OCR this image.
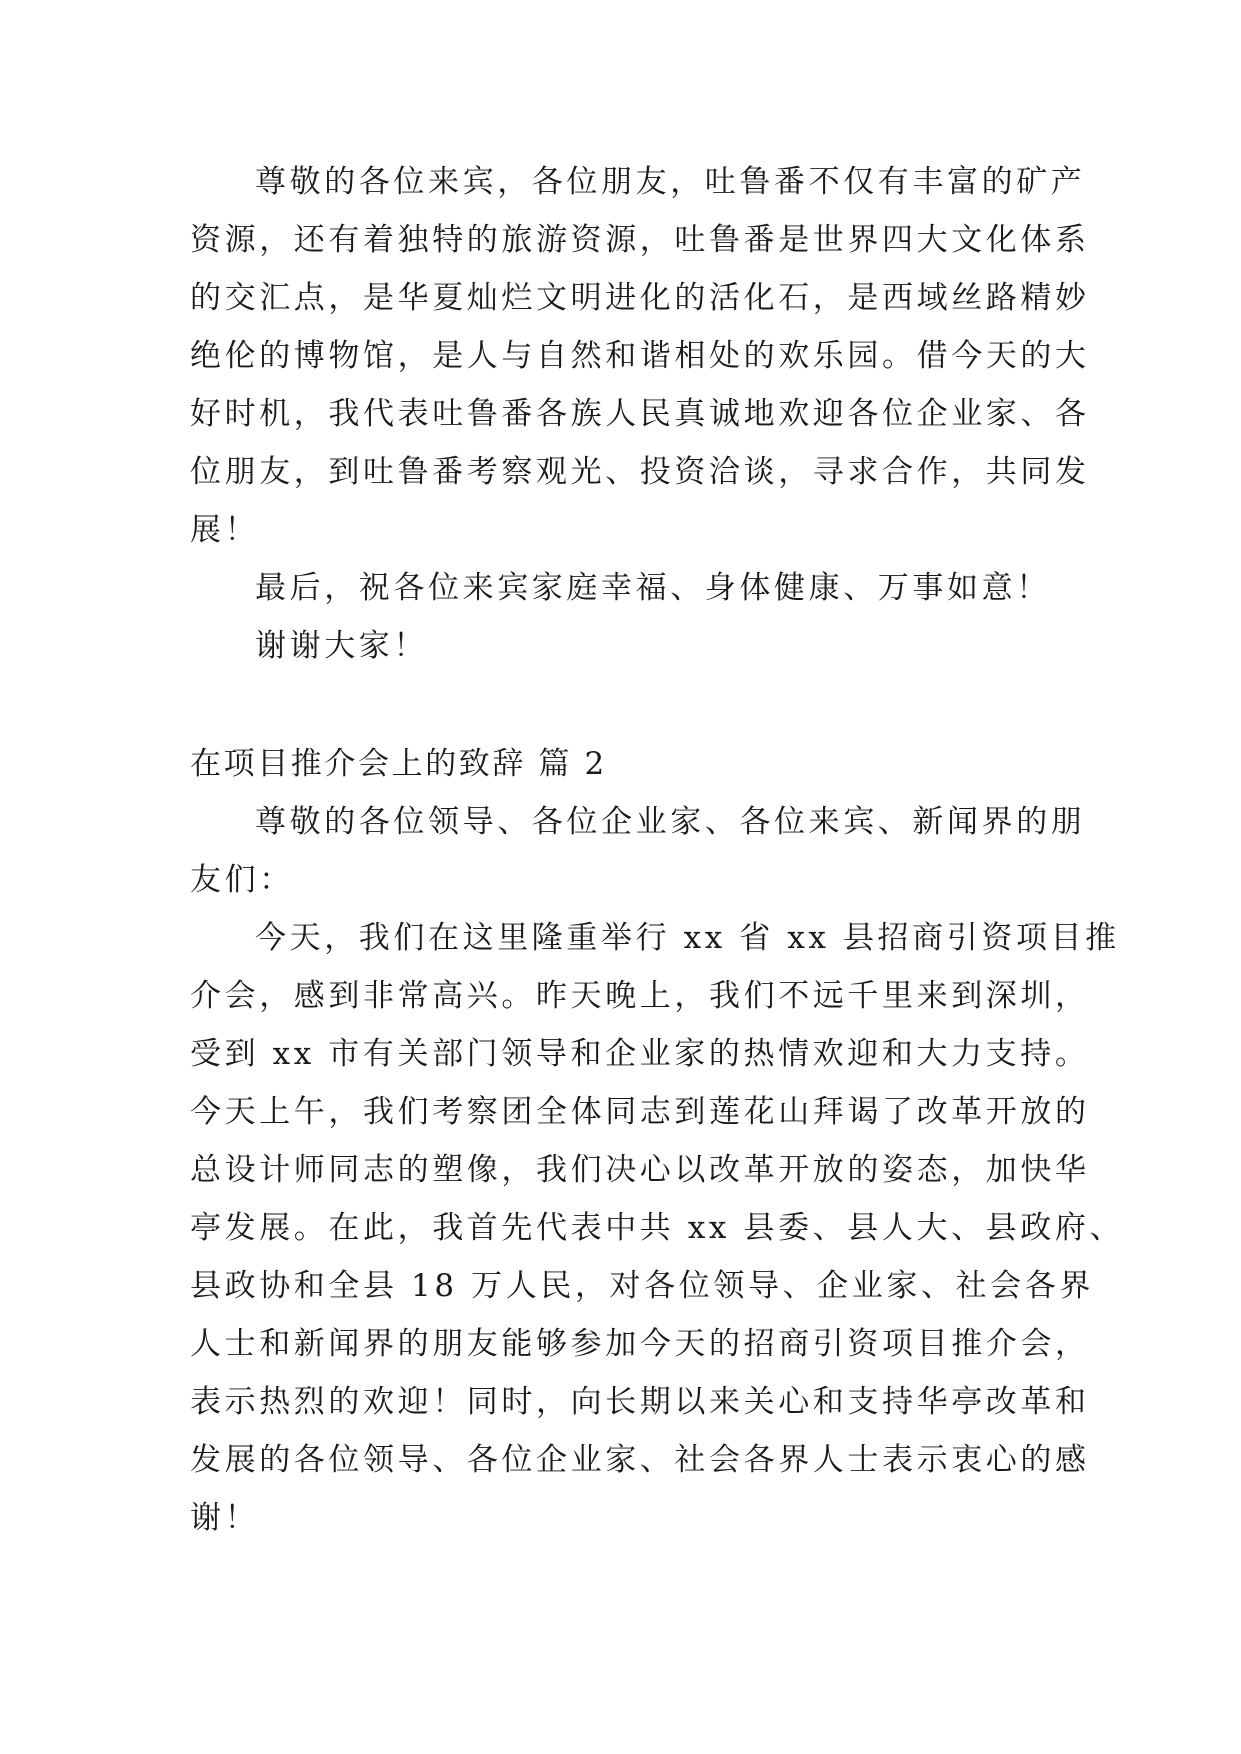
尊敬的各位来宾，各位朋友，吐鲁番不仅有丰富的矿产
资源，还有着独特的旅游资源，吐鲁番是世界四大文化体系
的交汇点，是华夏灿烂文明进化的活化石，是西域丝路精妙
绝伦的博物馆，是人与自然和谐相处的欢乐园。借今天的大
好时机，我代表吐鲁番各族人民真诚地欢迎各位企业家、各
位朋友，到吐鲁番考察观光、投资洽谈，寻求合作，共同发
展！
最后，祝各位来宾家庭幸福、身体健康、万事如意！
谢谢大家！
在项目推介会上的致辞 篇 2
尊敬的各位领导、各位企业家、各位来宾、新闻界的朋
友们：
今天，我们在这里隆重举行 xx 省 xx 县招商引资项目推
介会，感到非常高兴。昨天晚上，我们不远千里来到深圳，
受到 xx 市有关部门领导和企业家的热情欢迎和大力支持。
今天上午，我们考察团全体同志到莲花山拜谒了改革开放的
总设计师同志的塑像，我们决心以改革开放的姿态，加快华
亭发展。在此，我首先代表中共 xx 县委、县人大、县政府、
县政协和全县 18 万人民，对各位领导、企业家、社会各界
人士和新闻界的朋友能够参加今天的招商引资项目推介会，
表示热烈的欢迎！同时，向长期以来关心和支持华亭改革和
发展的各位领导、各位企业家、社会各界人士表示衷心的感
谢！
